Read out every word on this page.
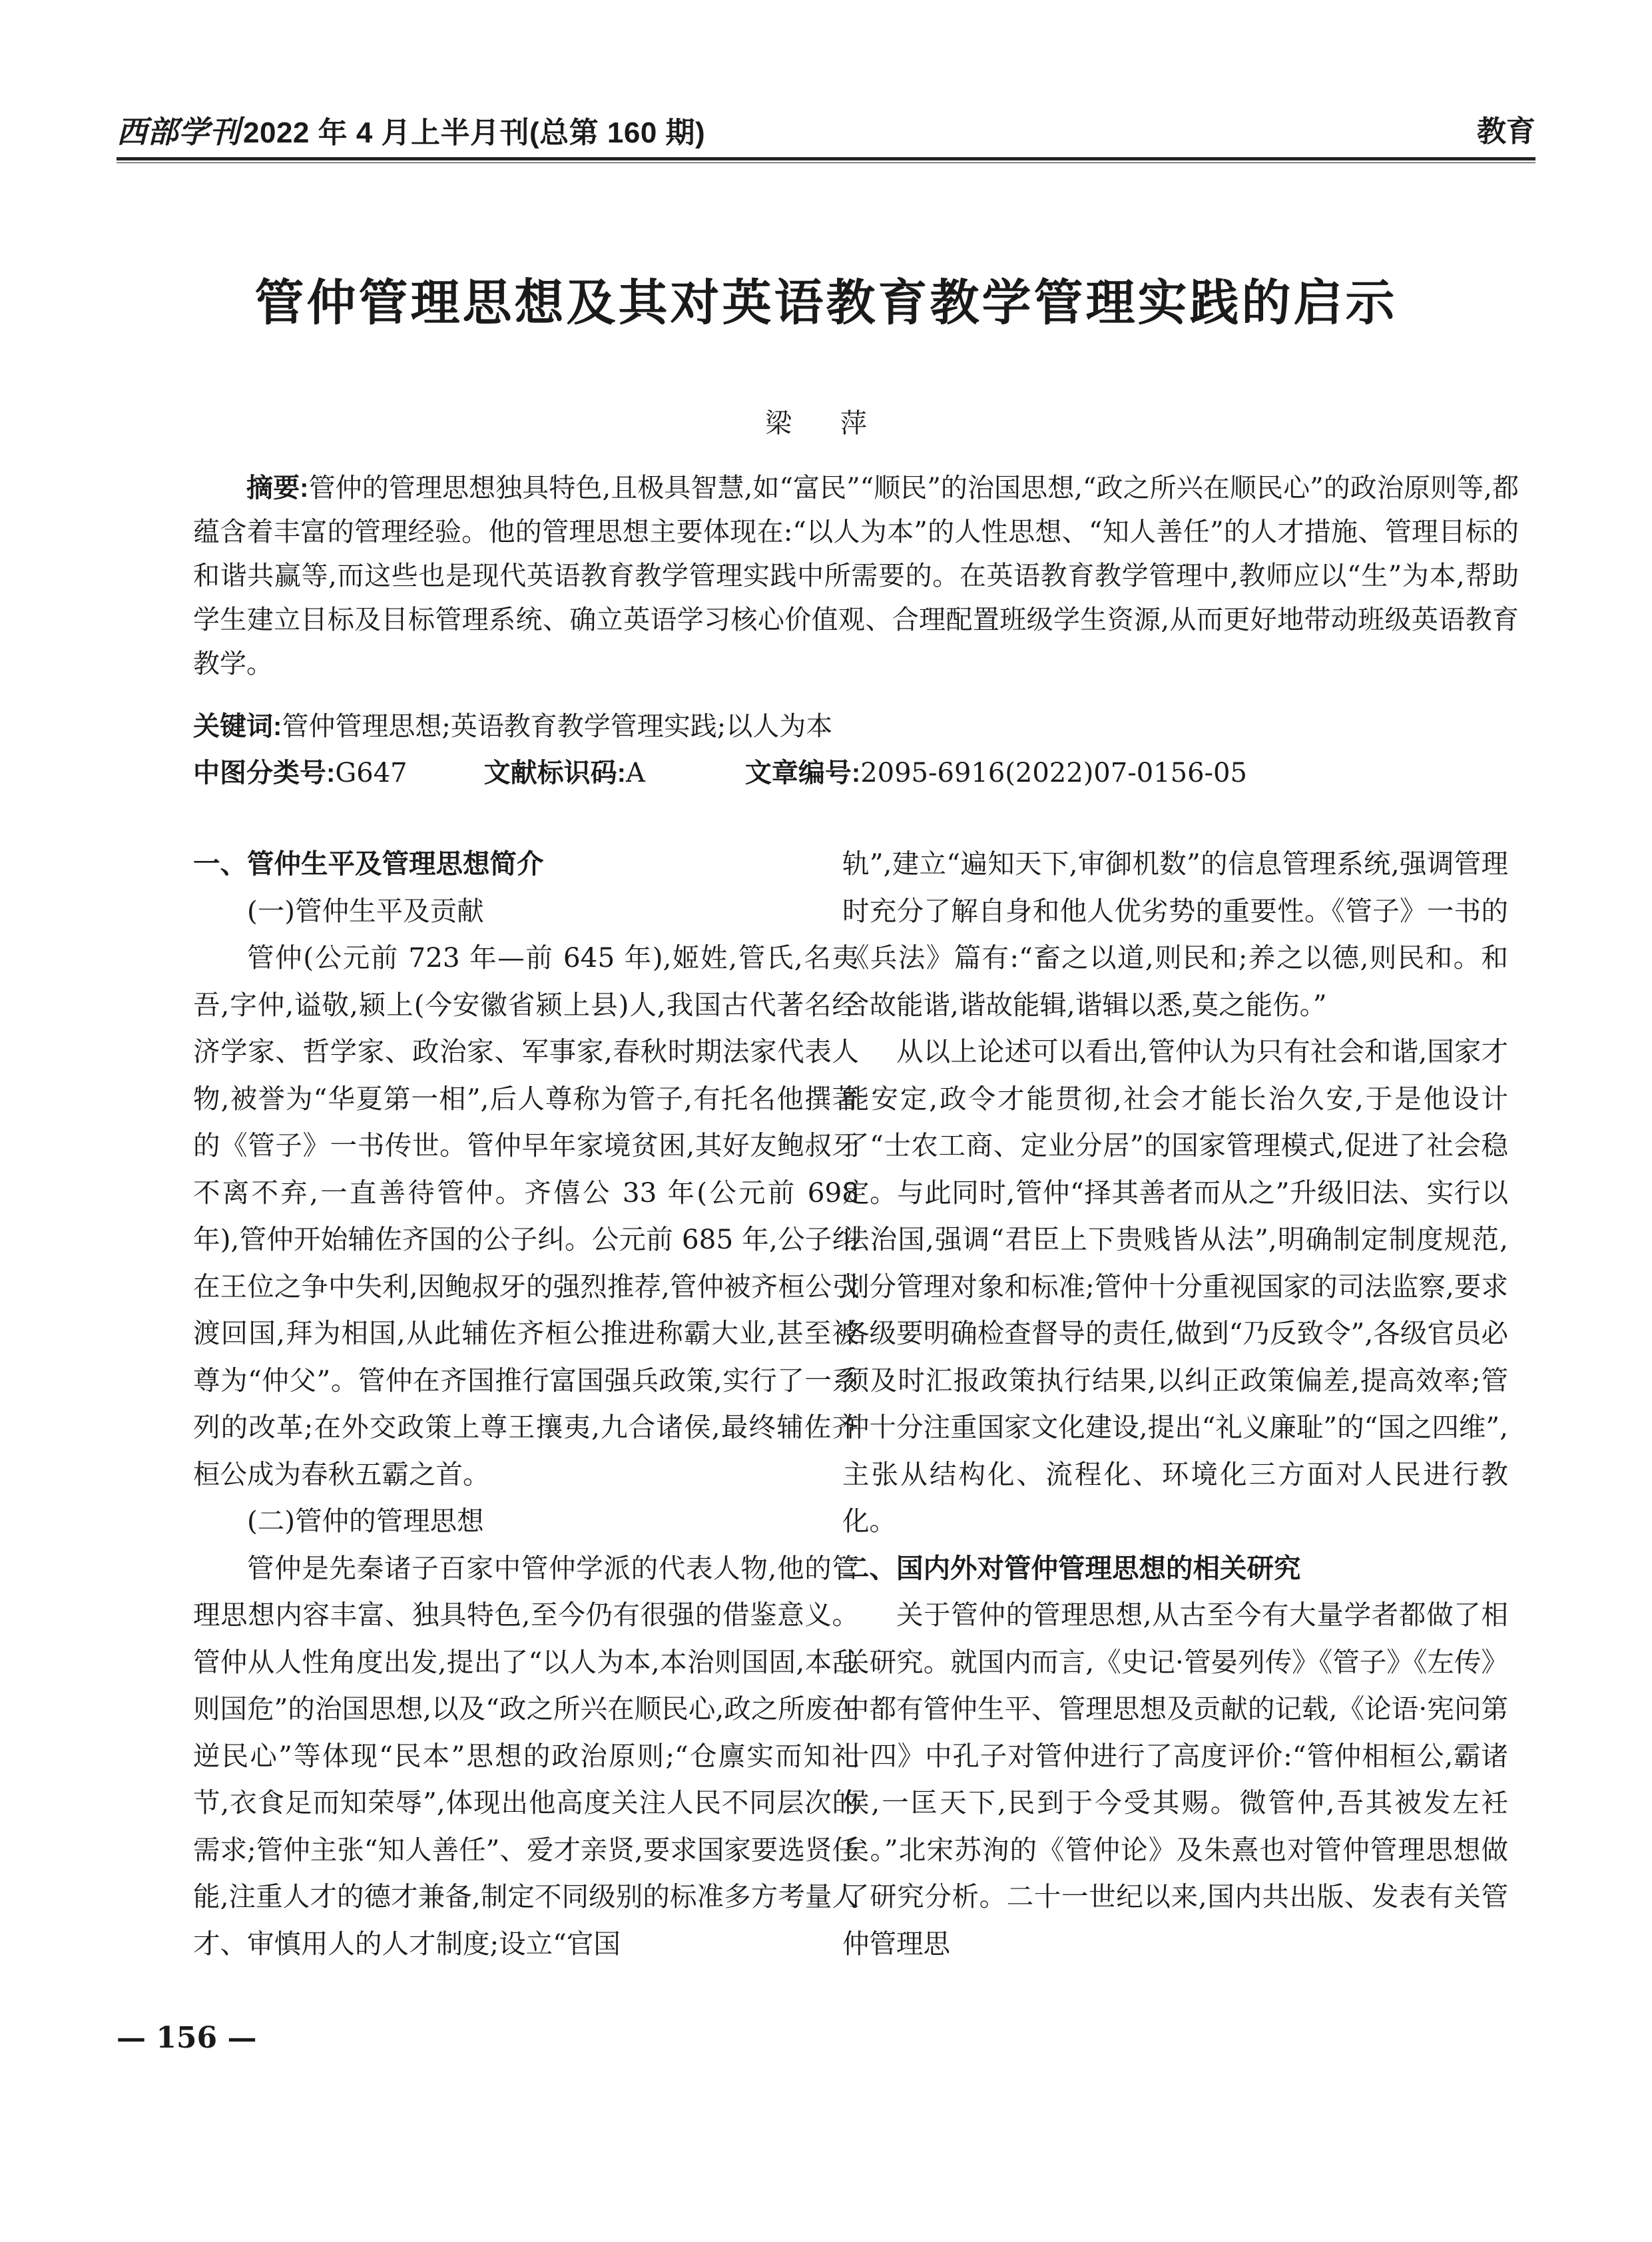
西部学刊2022 年 4 月上半月刊(总第 160 期)	教育
管仲管理思想及其对英语教育教学管理实践的启示
梁 萍
摘要:管仲的管理思想独具特色,且极具智慧,如“富民”“顺民”的治国思想,“政之所兴在顺民心”的政治原则等,都蕴含着丰富的管理经验。他的管理思想主要体现在:“以人为本”的人性思想、“知人善任”的人才措施、管理目标的和谐共赢等,而这些也是现代英语教育教学管理实践中所需要的。在英语教育教学管理中,教师应以“生”为本,帮助学生建立目标及目标管理系统、确立英语学习核心价值观、合理配置班级学生资源,从而更好地带动班级英语教育教学。
关键词:管仲管理思想;英语教育教学管理实践;以人为本
中图分类号:G647	文献标识码:A	文章编号:2095-6916(2022)07-0156-05
一、管仲生平及管理思想简介
(一)管仲生平及贡献

管仲(公元前 723 年—前 645 年),姬姓,管氏,名夷吾,字仲,谥敬,颍上(今安徽省颍上县)人,我国古代著名经济学家、哲学家、政治家、军事家,春秋时期法家代表人物,被誉为“华夏第一相”,后人尊称为管子,有托名他撰著的《管子》一书传世。管仲早年家境贫困,其好友鲍叔牙不离不弃,一直善待管仲。齐僖公 33 年(公元前 698 年),管仲开始辅佐齐国的公子纠。公元前 685 年,公子纠在王位之争中失利,因鲍叔牙的强烈推荐,管仲被齐桓公引渡回国,拜为相国,从此辅佐齐桓公推进称霸大业,甚至被尊为“仲父”。管仲在齐国推行富国强兵政策,实行了一系列的改革;在外交政策上尊王攘夷,九合诸侯,最终辅佐齐桓公成为春秋五霸之首。

(二)管仲的管理思想

管仲是先秦诸子百家中管仲学派的代表人物,他的管理思想内容丰富、独具特色,至今仍有很强的借鉴意义。管仲从人性角度出发,提出了“以人为本,本治则国固,本乱则国危”的治国思想,以及“政之所兴在顺民心,政之所废在逆民心”等体现“民本”思想的政治原则;“仓廪实而知礼节,衣食足而知荣辱”,体现出他高度关注人民不同层次的需求;管仲主张“知人善任”、爱才亲贤,要求国家要选贤任能,注重人才的德才兼备,制定不同级别的标准多方考量人才、审慎用人的人才制度;设立“官国

轨”,建立“遍知天下,审御机数”的信息管理系统,强调管理时充分了解自身和他人优劣势的重要性。《管子》一书的《兵法》篇有:“畜之以道,则民和;养之以德,则民和。和合故能谐,谐故能辑,谐辑以悉,莫之能伤。”

从以上论述可以看出,管仲认为只有社会和谐,国家才能安定,政令才能贯彻,社会才能长治久安,于是他设计了“士农工商、定业分居”的国家管理模式,促进了社会稳定。与此同时,管仲“择其善者而从之”升级旧法、实行以法治国,强调“君臣上下贵贱皆从法”,明确制定制度规范,划分管理对象和标准;管仲十分重视国家的司法监察,要求各级要明确检查督导的责任,做到“乃反致令”,各级官员必须及时汇报政策执行结果,以纠正政策偏差,提高效率;管仲十分注重国家文化建设,提出“礼义廉耻”的“国之四维”,主张从结构化、流程化、环境化三方面对人民进行教化。

二、国内外对管仲管理思想的相关研究

关于管仲的管理思想,从古至今有大量学者都做了相关研究。就国内而言,《史记·管晏列传》《管子》《左传》中都有管仲生平、管理思想及贡献的记载,《论语·宪问第十四》中孔子对管仲进行了高度评价:“管仲相桓公,霸诸侯,一匡天下,民到于今受其赐。微管仲,吾其被发左衽矣。”北宋苏洵的《管仲论》及朱熹也对管仲管理思想做了研究分析。二十一世纪以来,国内共出版、发表有关管仲管理思

— 156 —
